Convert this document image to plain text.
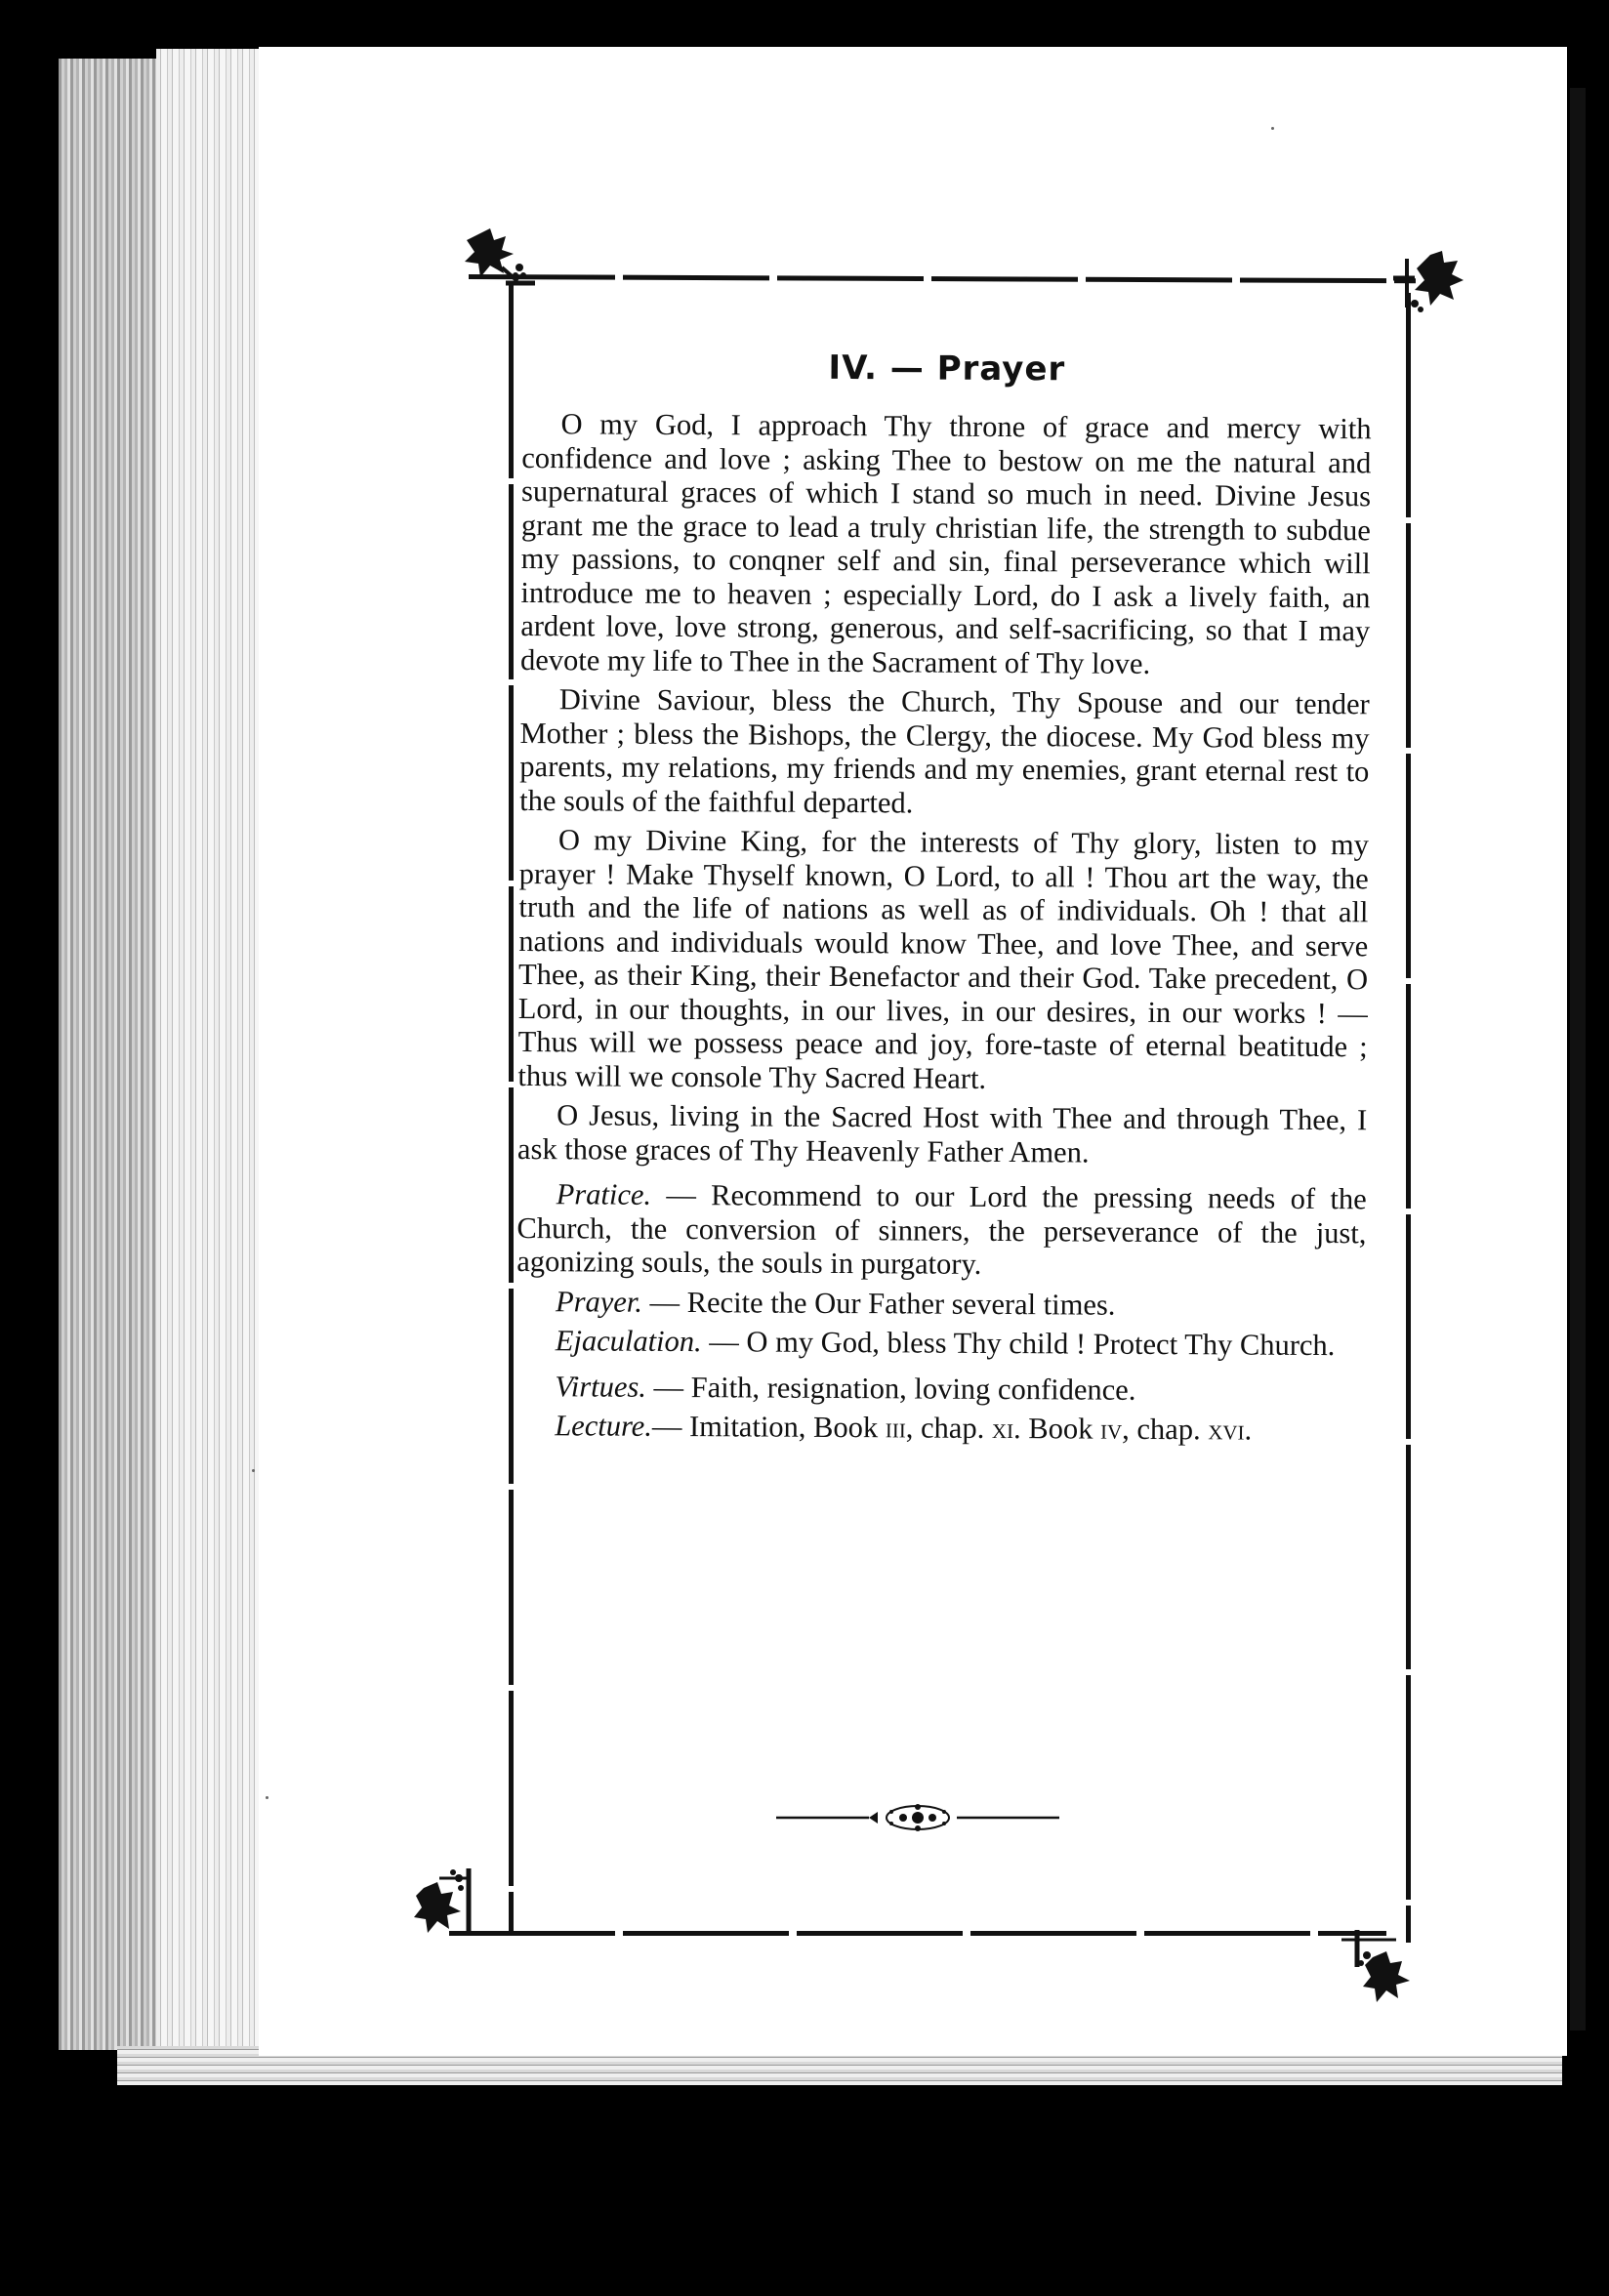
IV. — Prayer

O my God, I approach Thy throne of grace and mercy with confidence and love ; asking Thee to bestow on me the natural and supernatural graces of which I stand so much in need. Divine Jesus grant me the grace to lead a truly christian life, the strength to subdue my passions, to conqner self and sin, final perseverance which will introduce me to heaven ; especially Lord, do I ask a lively faith, an ardent love, love strong, generous, and self-sacrificing, so that I may devote my life to Thee in the Sacrament of Thy love.

Divine Saviour, bless the Church, Thy Spouse and our tender Mother ; bless the Bishops, the Clergy, the diocese. My God bless my parents, my relations, my friends and my enemies, grant eternal rest to the souls of the faithful departed.

O my Divine King, for the interests of Thy glory, listen to my prayer ! Make Thyself known, O Lord, to all ! Thou art the way, the truth and the life of nations as well as of individuals. Oh ! that all nations and individuals would know Thee, and love Thee, and serve Thee, as their King, their Benefactor and their God. Take precedent, O Lord, in our thoughts, in our lives, in our desires, in our works ! — Thus will we possess peace and joy, fore-taste of eternal beatitude ; thus will we console Thy Sacred Heart.

O Jesus, living in the Sacred Host with Thee and through Thee, I ask those graces of Thy Heavenly Father Amen.

Pratice. — Recommend to our Lord the pressing needs of the Church, the conversion of sinners, the perseverance of the just, agonizing souls, the souls in purgatory.

Prayer. — Recite the Our Father several times.

Ejaculation. — O my God, bless Thy child ! Protect Thy Church.

Virtues. — Faith, resignation, loving confidence.

Lecture.— Imitation, Book iii, chap. xi. Book iv, chap. xvi.
